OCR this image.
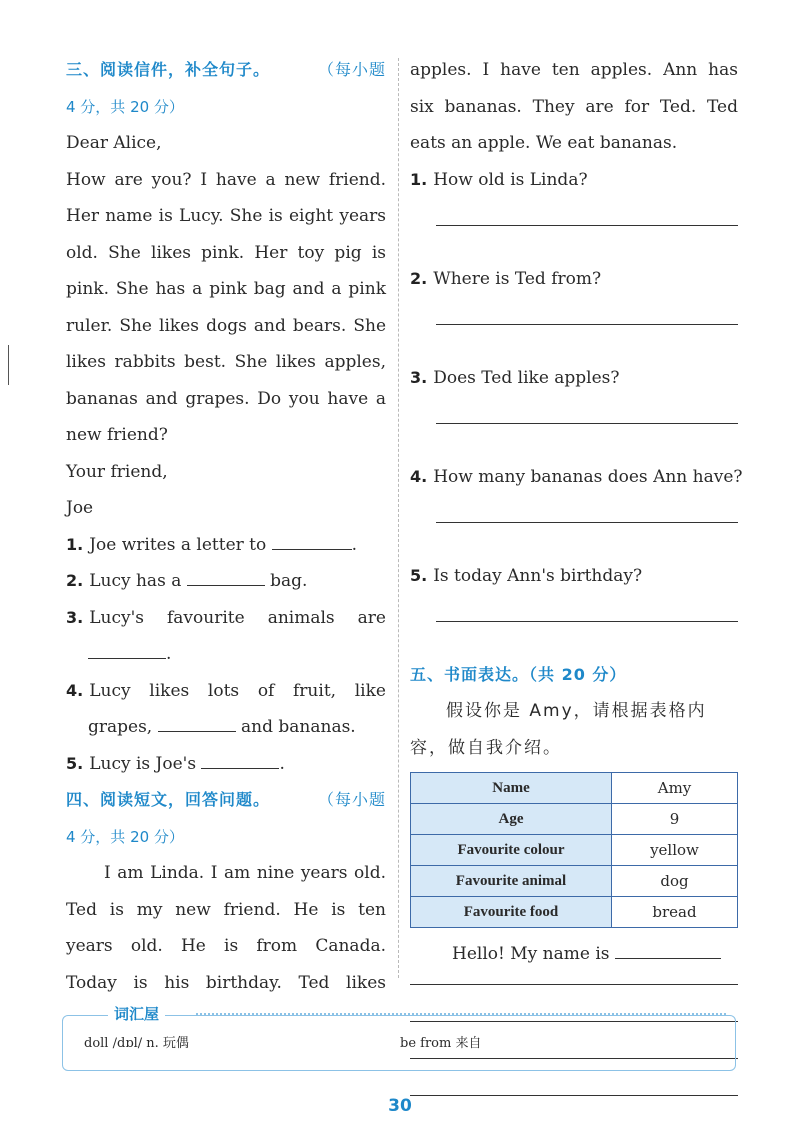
三、阅读信件，补全句子。	（每小题
4 分，共 20 分）
Dear Alice,
How are you? I have a new friend.
Her name is Lucy. She is eight years
old. She likes pink. Her toy pig is
pink. She has a pink bag and a pink
ruler. She likes dogs and bears. She
likes rabbits best. She likes apples,
bananas and grapes. Do you have a
new friend?
Your friend,
Joe
1. Joe writes a letter to	.
2. Lucy has a	bag.
3. Lucy's favourite animals are
.
4. Lucy likes lots of fruit, like
grapes,	and bananas.
5. Lucy is Joe's	.
四、阅读短文，回答问题。	（每小题
4 分，共 20 分）
I am Linda. I am nine years old.
Ted is my new friend. He is ten
years old. He is from Canada.
Today is his birthday. Ted likes
apples. I have ten apples. Ann has
six bananas. They are for Ted. Ted
eats an apple. We eat bananas.
1. How old is Linda?
2. Where is Ted from?
3. Does Ted like apples?
4. How many bananas does Ann have?
5. Is today Ann's birthday?
五、书面表达。（共 20 分）
假设你是 Amy，请根据表格内
容，做自我介绍。
Name	Amy
Age	9
Favourite colour	yellow
Favourite animal	dog
Favourite food	bread
Hello! My name is
词汇屋
doll /dɒl/ n. 玩偶	be from 来自
30
